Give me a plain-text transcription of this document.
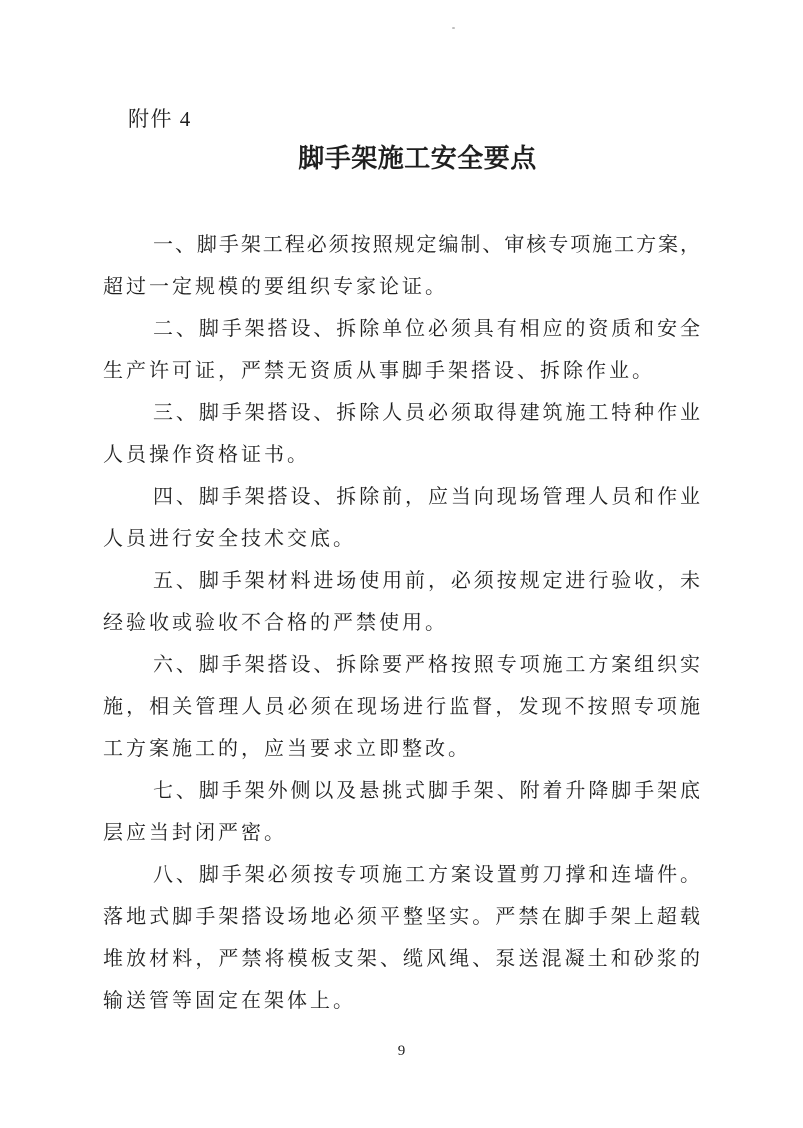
附件 4
脚手架施工安全要点
一、脚手架工程必须按照规定编制、审核专项施工方案，
超过一定规模的要组织专家论证。
二、脚手架搭设、拆除单位必须具有相应的资质和安全
生产许可证，严禁无资质从事脚手架搭设、拆除作业。
三、脚手架搭设、拆除人员必须取得建筑施工特种作业
人员操作资格证书。
四、脚手架搭设、拆除前，应当向现场管理人员和作业
人员进行安全技术交底。
五、脚手架材料进场使用前，必须按规定进行验收，未
经验收或验收不合格的严禁使用。
六、脚手架搭设、拆除要严格按照专项施工方案组织实
施，相关管理人员必须在现场进行监督，发现不按照专项施
工方案施工的，应当要求立即整改。
七、脚手架外侧以及悬挑式脚手架、附着升降脚手架底
层应当封闭严密。
八、脚手架必须按专项施工方案设置剪刀撑和连墙件。
落地式脚手架搭设场地必须平整坚实。严禁在脚手架上超载
堆放材料，严禁将模板支架、缆风绳、泵送混凝土和砂浆的
输送管等固定在架体上。
9
